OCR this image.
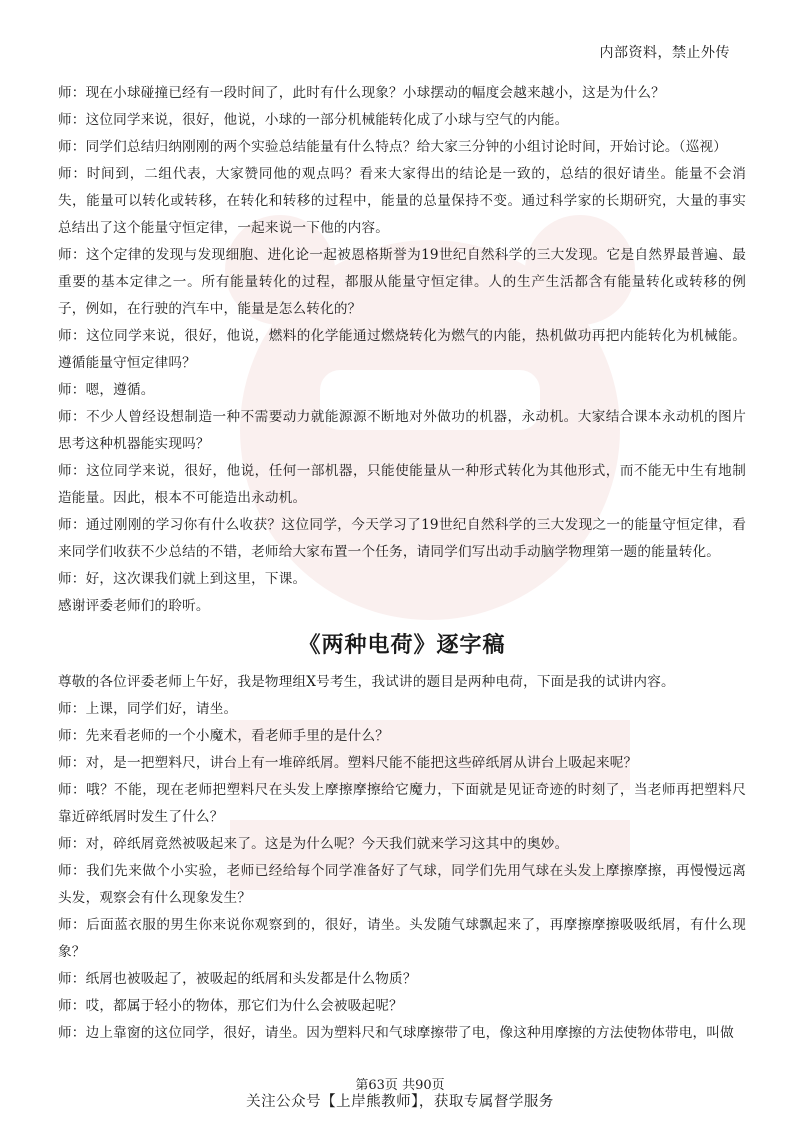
内部资料，禁止外传

师：现在小球碰撞已经有一段时间了，此时有什么现象？小球摆动的幅度会越来越小，这是为什么？

师：这位同学来说，很好，他说，小球的一部分机械能转化成了小球与空气的内能。

师：同学们总结归纳刚刚的两个实验总结能量有什么特点？给大家三分钟的小组讨论时间，开始讨论。（巡视）

师：时间到，二组代表，大家赞同他的观点吗？看来大家得出的结论是一致的，总结的很好请坐。能量不会消失，能量可以转化或转移，在转化和转移的过程中，能量的总量保持不变。通过科学家的长期研究，大量的事实总结出了这个能量守恒定律，一起来说一下他的内容。

师：这个定律的发现与发现细胞、进化论一起被恩格斯誉为19世纪自然科学的三大发现。它是自然界最普遍、最重要的基本定律之一。所有能量转化的过程，都服从能量守恒定律。人的生产生活都含有能量转化或转移的例子，例如，在行驶的汽车中，能量是怎么转化的？

师：这位同学来说，很好，他说，燃料的化学能通过燃烧转化为燃气的内能，热机做功再把内能转化为机械能。遵循能量守恒定律吗？

师：嗯，遵循。

师：不少人曾经设想制造一种不需要动力就能源源不断地对外做功的机器，永动机。大家结合课本永动机的图片思考这种机器能实现吗？

师：这位同学来说，很好，他说，任何一部机器，只能使能量从一种形式转化为其他形式，而不能无中生有地制造能量。因此，根本不可能造出永动机。

师：通过刚刚的学习你有什么收获？这位同学，今天学习了19世纪自然科学的三大发现之一的能量守恒定律，看来同学们收获不少总结的不错，老师给大家布置一个任务，请同学们写出动手动脑学物理第一题的能量转化。

师：好，这次课我们就上到这里，下课。

感谢评委老师们的聆听。

《两种电荷》逐字稿

尊敬的各位评委老师上午好，我是物理组X号考生，我试讲的题目是两种电荷，下面是我的试讲内容。

师：上课，同学们好，请坐。

师：先来看老师的一个小魔术，看老师手里的是什么？

师：对，是一把塑料尺，讲台上有一堆碎纸屑。塑料尺能不能把这些碎纸屑从讲台上吸起来呢？

师：哦？不能，现在老师把塑料尺在头发上摩擦摩擦给它魔力，下面就是见证奇迹的时刻了，当老师再把塑料尺靠近碎纸屑时发生了什么？

师：对，碎纸屑竟然被吸起来了。这是为什么呢？今天我们就来学习这其中的奥妙。

师：我们先来做个小实验，老师已经给每个同学准备好了气球，同学们先用气球在头发上摩擦摩擦，再慢慢远离头发，观察会有什么现象发生？

师：后面蓝衣服的男生你来说你观察到的，很好，请坐。头发随气球飘起来了，再摩擦摩擦吸吸纸屑，有什么现象？

师：纸屑也被吸起了，被吸起的纸屑和头发都是什么物质？

师：哎，都属于轻小的物体，那它们为什么会被吸起呢？

师：边上靠窗的这位同学，很好，请坐。因为塑料尺和气球摩擦带了电，像这种用摩擦的方法使物体带电，叫做

第63页 共90页
关注公众号【上岸熊教师】，获取专属督学服务
